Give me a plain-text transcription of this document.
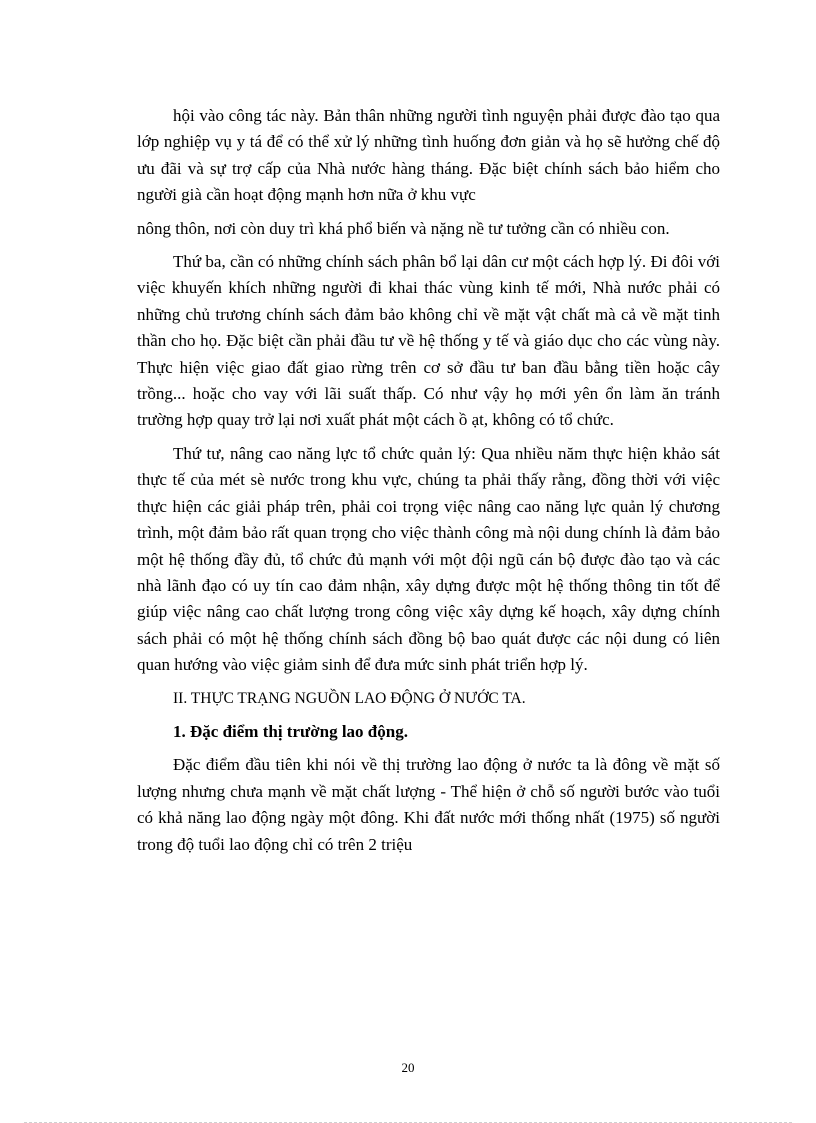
hội vào công tác này. Bản thân những người tình nguyện phải được đào tạo qua lớp nghiệp vụ y tá để có thể xử lý những tình huống đơn giản và họ sẽ hưởng chế độ ưu đãi và sự trợ cấp của Nhà nước hàng tháng. Đặc biệt chính sách bảo hiểm cho người già cần hoạt động mạnh hơn nữa ở khu vực

nông thôn, nơi còn duy trì khá phổ biến và nặng nề tư tưởng cần có nhiều con.

Thứ ba, cần có những chính sách phân bổ lại dân cư một cách hợp lý. Đi đôi với việc khuyến khích những người đi khai thác vùng kinh tế mới, Nhà nước phải có những chủ trương chính sách đảm bảo không chỉ về mặt vật chất mà cả về mặt tinh thần cho họ. Đặc biệt cần phải đầu tư về hệ thống y tế và giáo dục cho các vùng này. Thực hiện việc giao đất giao rừng trên cơ sở đầu tư ban đầu bằng tiền hoặc cây trồng... hoặc cho vay với lãi suất thấp. Có như vậy họ mới yên ổn làm ăn tránh trường hợp quay trở lại nơi xuất phát một cách ồ ạt, không có tổ chức.

Thứ tư, nâng cao năng lực tổ chức quản lý: Qua nhiều năm thực hiện khảo sát thực tế của mét sè nước trong khu vực, chúng ta phải thấy rằng, đồng thời với việc thực hiện các giải pháp trên, phải coi trọng việc nâng cao năng lực quản lý chương trình, một đảm bảo rất quan trọng cho việc thành công mà nội dung chính là đảm bảo một hệ thống đầy đủ, tổ chức đủ mạnh với một đội ngũ cán bộ được đào tạo và các nhà lãnh đạo có uy tín cao đảm nhận, xây dựng được một hệ thống thông tin tốt để giúp việc nâng cao chất lượng trong công việc xây dựng kế hoạch, xây dựng chính sách phải có một hệ thống chính sách đồng bộ bao quát được các nội dung có liên quan hướng vào việc giảm sinh để đưa mức sinh phát triển hợp lý.

II. THỰC TRẠNG NGUỒN LAO ĐỘNG Ở NƯỚC TA.

1. Đặc điểm thị trường lao động.

Đặc điểm đầu tiên khi nói về thị trường lao động ở nước ta là đông về mặt số lượng nhưng chưa mạnh về mặt chất lượng - Thể hiện ở chỗ số người bước vào tuổi có khả năng lao động ngày một đông. Khi đất nước mới thống nhất (1975) số người trong độ tuổi lao động chỉ có trên 2 triệu

20
